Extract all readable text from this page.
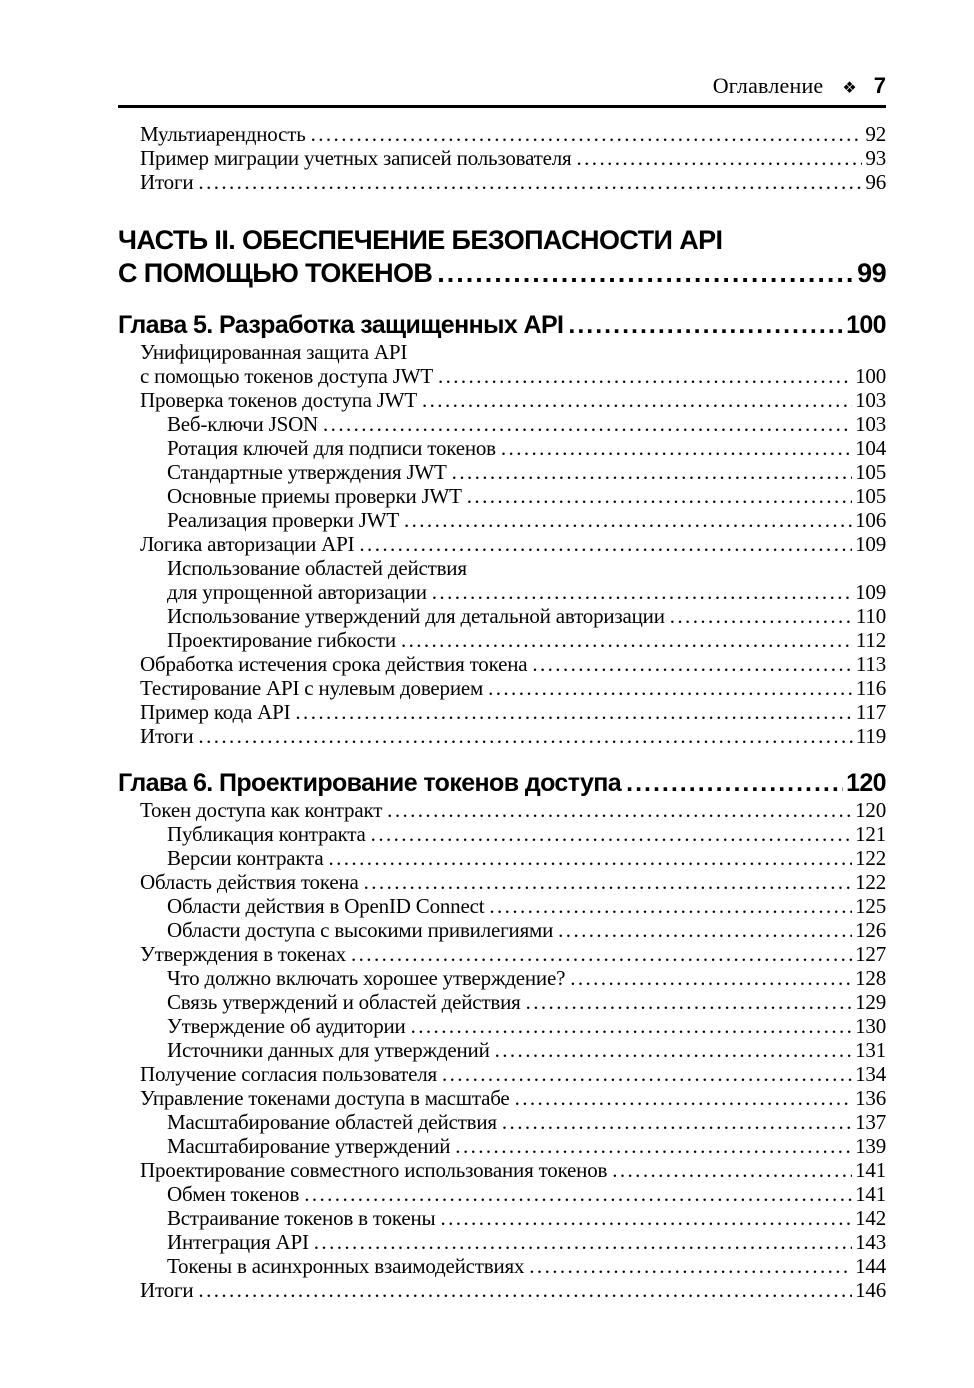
Оглавление ❖ 7
Мультиарендность .....	92
Пример миграции учетных записей пользователя .....	93
Итоги .....	96
ЧАСТЬ II. ОБЕСПЕЧЕНИЕ БЕЗОПАСНОСТИ API
С ПОМОЩЬЮ ТОКЕНОВ .....	99
Глава 5. Разработка защищенных API .....	100
Унифицированная защита API
с помощью токенов доступа JWT .....	100
Проверка токенов доступа JWT .....	103
Веб-ключи JSON .....	103
Ротация ключей для подписи токенов .....	104
Стандартные утверждения JWT .....	105
Основные приемы проверки JWT .....	105
Реализация проверки JWT .....	106
Логика авторизации API .....	109
Использование областей действия
для упрощенной авторизации .....	109
Использование утверждений для детальной авторизации .....	110
Проектирование гибкости .....	112
Обработка истечения срока действия токена .....	113
Тестирование API с нулевым доверием .....	116
Пример кода API .....	117
Итоги .....	119
Глава 6. Проектирование токенов доступа .....	120
Токен доступа как контракт .....	120
Публикация контракта .....	121
Версии контракта .....	122
Область действия токена .....	122
Области действия в OpenID Connect .....	125
Области доступа с высокими привилегиями .....	126
Утверждения в токенах .....	127
Что должно включать хорошее утверждение? .....	128
Связь утверждений и областей действия .....	129
Утверждение об аудитории .....	130
Источники данных для утверждений .....	131
Получение согласия пользователя .....	134
Управление токенами доступа в масштабе .....	136
Масштабирование областей действия .....	137
Масштабирование утверждений .....	139
Проектирование совместного использования токенов .....	141
Обмен токенов .....	141
Встраивание токенов в токены .....	142
Интеграция API .....	143
Токены в асинхронных взаимодействиях .....	144
Итоги .....	146
